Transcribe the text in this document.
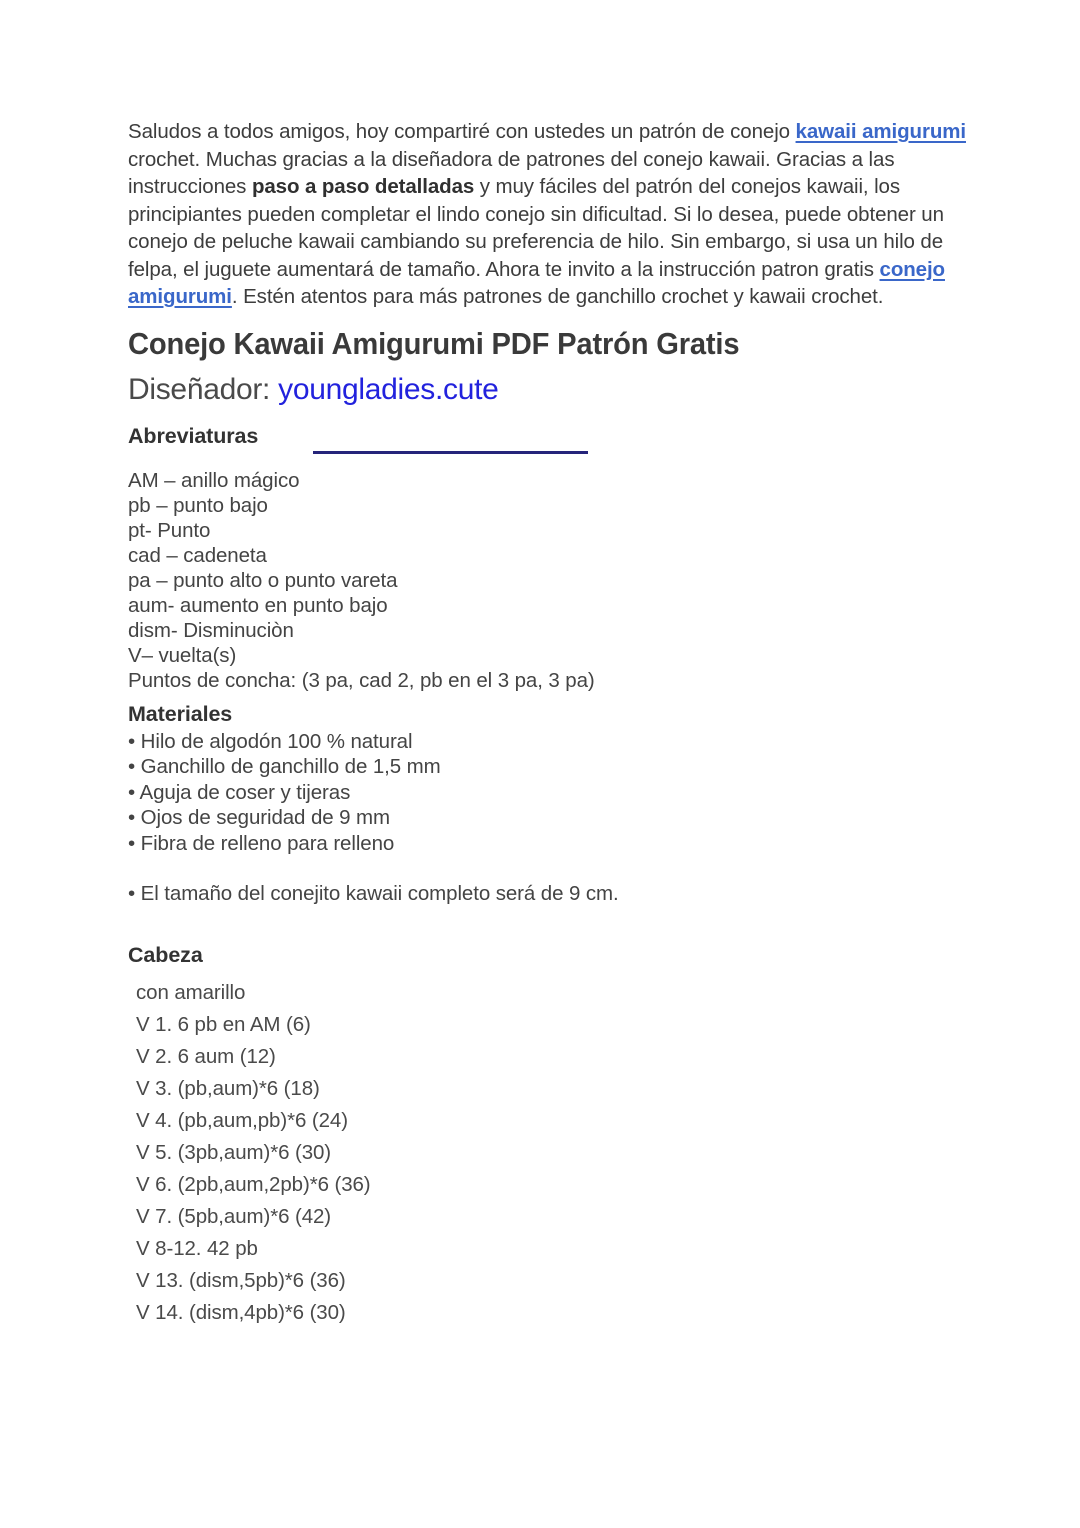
Saludos a todos amigos, hoy compartiré con ustedes un patrón de conejo kawaii amigurumi crochet. Muchas gracias a la diseñadora de patrones del conejo kawaii. Gracias a las instrucciones paso a paso detalladas y muy fáciles del patrón del conejos kawaii, los principiantes pueden completar el lindo conejo sin dificultad. Si lo desea, puede obtener un conejo de peluche kawaii cambiando su preferencia de hilo. Sin embargo, si usa un hilo de felpa, el juguete aumentará de tamaño. Ahora te invito a la instrucción patron gratis conejo amigurumi. Estén atentos para más patrones de ganchillo crochet y kawaii crochet.

Conejo Kawaii Amigurumi PDF Patrón Gratis
Diseñador: youngladies.cute
Abreviaturas
AM – anillo mágico
pb – punto bajo
pt- Punto
cad – cadeneta
pa – punto alto o punto vareta
aum- aumento en punto bajo
dism- Disminuciòn
V– vuelta(s)
Puntos de concha: (3 pa, cad 2, pb en el 3 pa, 3 pa)
Materiales
• Hilo de algodón 100 % natural
• Ganchillo de ganchillo de 1,5 mm
• Aguja de coser y tijeras
• Ojos de seguridad de 9 mm
• Fibra de relleno para relleno

• El tamaño del conejito kawaii completo será de 9 cm.

Cabeza
con amarillo
V 1. 6 pb en AM (6)
V 2. 6 aum (12)
V 3. (pb,aum)*6 (18)
V 4. (pb,aum,pb)*6 (24)
V 5. (3pb,aum)*6 (30)
V 6. (2pb,aum,2pb)*6 (36)
V 7. (5pb,aum)*6 (42)
V 8-12. 42 pb
V 13. (dism,5pb)*6 (36)
V 14. (dism,4pb)*6 (30)
